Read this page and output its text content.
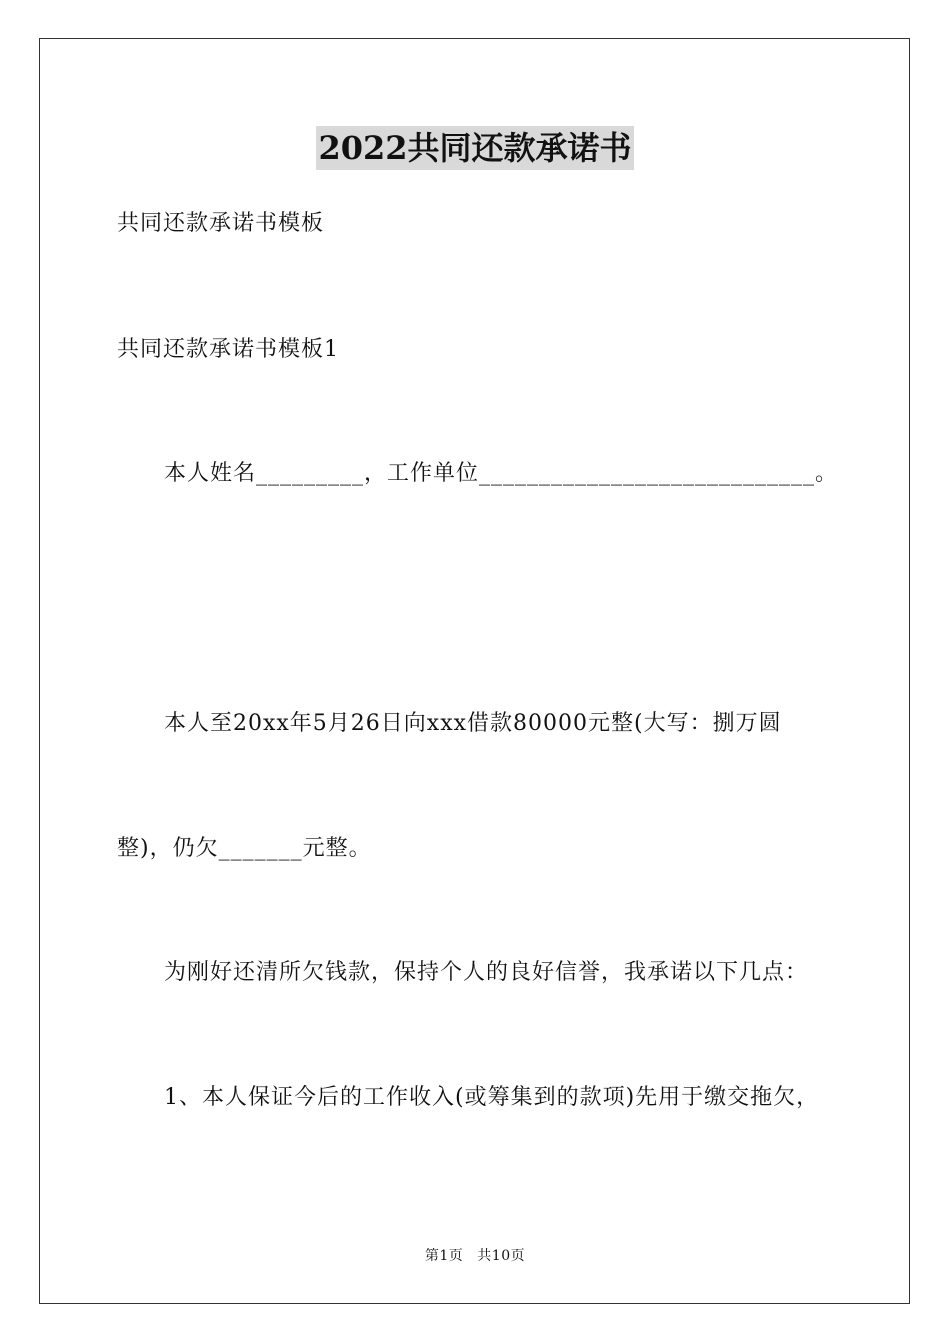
2022共同还款承诺书
共同还款承诺书模板
共同还款承诺书模板1
本人姓名_________，工作单位____________________________。
本人至20xx年5月26日向xxx借款80000元整(大写：捌万圆
整)，仍欠_______元整。
为刚好还清所欠钱款，保持个人的良好信誉，我承诺以下几点：
1、本人保证今后的工作收入(或筹集到的款项)先用于缴交拖欠，
第1页 共10页
